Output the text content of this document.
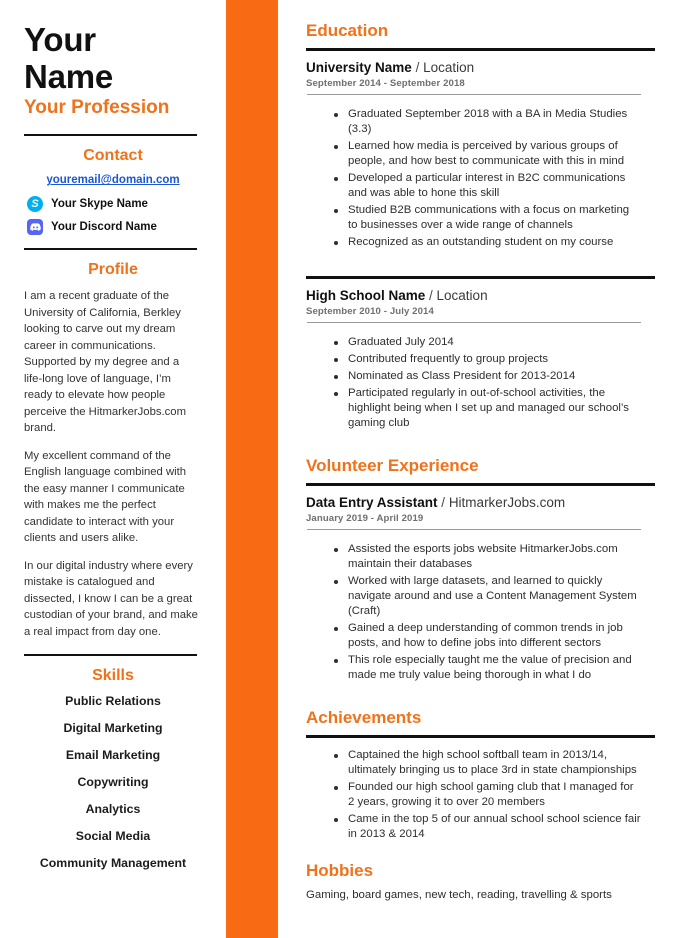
Your
Name
Your Profession
Contact
youremail@domain.com
S	Your Skype Name
Your Discord Name
Profile

I am a recent graduate of the University of California, Berkley looking to carve out my dream career in communications. Supported by my degree and a life-long love of language, I’m ready to elevate how people perceive the HitmarkerJobs.com brand.

My excellent command of the English language combined with the easy manner I communicate with makes me the perfect candidate to interact with your clients and users alike.

In our digital industry where every mistake is catalogued and dissected, I know I can be a great custodian of your brand, and make a real impact from day one.

Skills
Public Relations
Digital Marketing
Email Marketing
Copywriting
Analytics
Social Media
Community Management
Education
University Name / Location
September 2014 - September 2018
Graduated September 2018 with a BA in Media Studies (3.3)
Learned how media is perceived by various groups of people, and how best to communicate with this in mind
Developed a particular interest in B2C communications and was able to hone this skill
Studied B2B communications with a focus on marketing to businesses over a wide range of channels
Recognized as an outstanding student on my course
High School Name / Location
September 2010 - July 2014
Graduated July 2014
Contributed frequently to group projects
Nominated as Class President for 2013-2014
Participated regularly in out-of-school activities, the highlight being when I set up and managed our school’s gaming club
Volunteer Experience
Data Entry Assistant / HitmarkerJobs.com
January 2019 - April 2019
Assisted the esports jobs website HitmarkerJobs.com maintain their databases
Worked with large datasets, and learned to quickly navigate around and use a Content Management System (Craft)
Gained a deep understanding of common trends in job posts, and how to define jobs into different sectors
This role especially taught me the value of precision and made me truly value being thorough in what I do
Achievements
Captained the high school softball team in 2013/14, ultimately bringing us to place 3rd in state championships
Founded our high school gaming club that I managed for 2 years, growing it to over 20 members
Came in the top 5 of our annual school school science fair in 2013 & 2014
Hobbies
Gaming, board games, new tech, reading, travelling & sports
